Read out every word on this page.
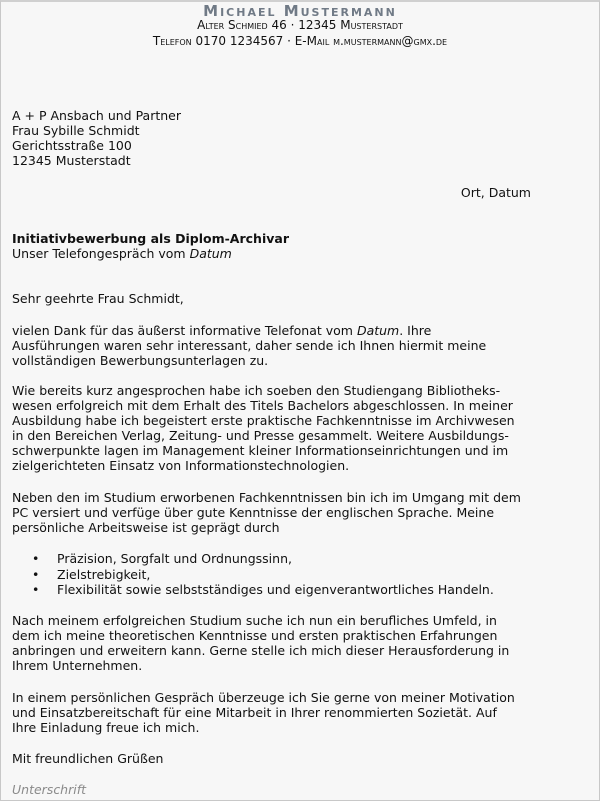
Michael Mustermann
Alter Schmied 46 · 12345 Musterstadt
Telefon 0170 1234567 · E-Mail m.mustermann@gmx.de
A + P Ansbach und Partner
Frau Sybille Schmidt
Gerichtsstraße 100
12345 Musterstadt
Ort, Datum
Initiativbewerbung als Diplom-Archivar
Unser Telefongespräch vom Datum
Sehr geehrte Frau Schmidt,
vielen Dank für das äußerst informative Telefonat vom Datum. Ihre
Ausführungen waren sehr interessant, daher sende ich Ihnen hiermit meine
vollständigen Bewerbungsunterlagen zu.
Wie bereits kurz angesprochen habe ich soeben den Studiengang Bibliotheks-
wesen erfolgreich mit dem Erhalt des Titels Bachelors abgeschlossen. In meiner
Ausbildung habe ich begeistert erste praktische Fachkenntnisse im Archivwesen
in den Bereichen Verlag, Zeitung- und Presse gesammelt. Weitere Ausbildungs-
schwerpunkte lagen im Management kleiner Informationseinrichtungen und im
zielgerichteten Einsatz von Informationstechnologien.
Neben den im Studium erworbenen Fachkenntnissen bin ich im Umgang mit dem
PC versiert und verfüge über gute Kenntnisse der englischen Sprache. Meine
persönliche Arbeitsweise ist geprägt durch
• Präzision, Sorgfalt und Ordnungssinn,
• Zielstrebigkeit,
• Flexibilität sowie selbstständiges und eigenverantwortliches Handeln.
Nach meinem erfolgreichen Studium suche ich nun ein berufliches Umfeld, in
dem ich meine theoretischen Kenntnisse und ersten praktischen Erfahrungen
anbringen und erweitern kann. Gerne stelle ich mich dieser Herausforderung in
Ihrem Unternehmen.
In einem persönlichen Gespräch überzeuge ich Sie gerne von meiner Motivation
und Einsatzbereitschaft für eine Mitarbeit in Ihrer renommierten Sozietät. Auf
Ihre Einladung freue ich mich.
Mit freundlichen Grüßen
Unterschrift
